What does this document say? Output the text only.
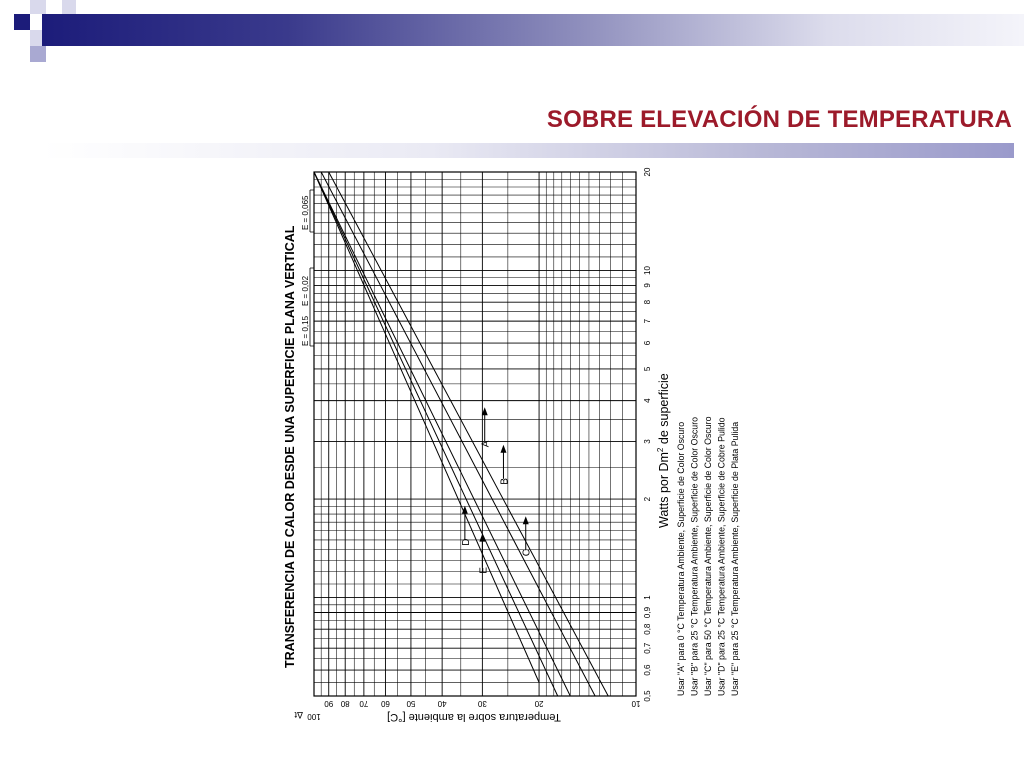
SOBRE ELEVACIÓN DE TEMPERATURA
A
B
C
D
E
TRANSFERENCIA DE CALOR DESDE UNA SUPERFICIE PLANA VERTICAL E = 0,15
E = 0,02
E = 0,065
Watts por Dm$^2$ de superficie
0,5
0,6
0,7
0,8
0,9
1
2
3
4
5
6
7
8
9
10
20
Usar "A" para 0 °C Temperatura Ambiente, Superficie de Color Oscuro Usar "B" para 25 °C Temperatura Ambiente, Superficie de Color Oscuro Usar "C" para 50 °C Temperatura Ambiente, Superficie de Color Oscuro Usar "D" para 25 °C Temperatura Ambiente, Superficie de Cobre Pulido Usar "E" para 25 °C Temperatura Ambiente, Superficie de Plata Pulida
Δt
10
20
30
40
50
60
70
80
90
100	Temperatura sobre la ambiente [°C]
